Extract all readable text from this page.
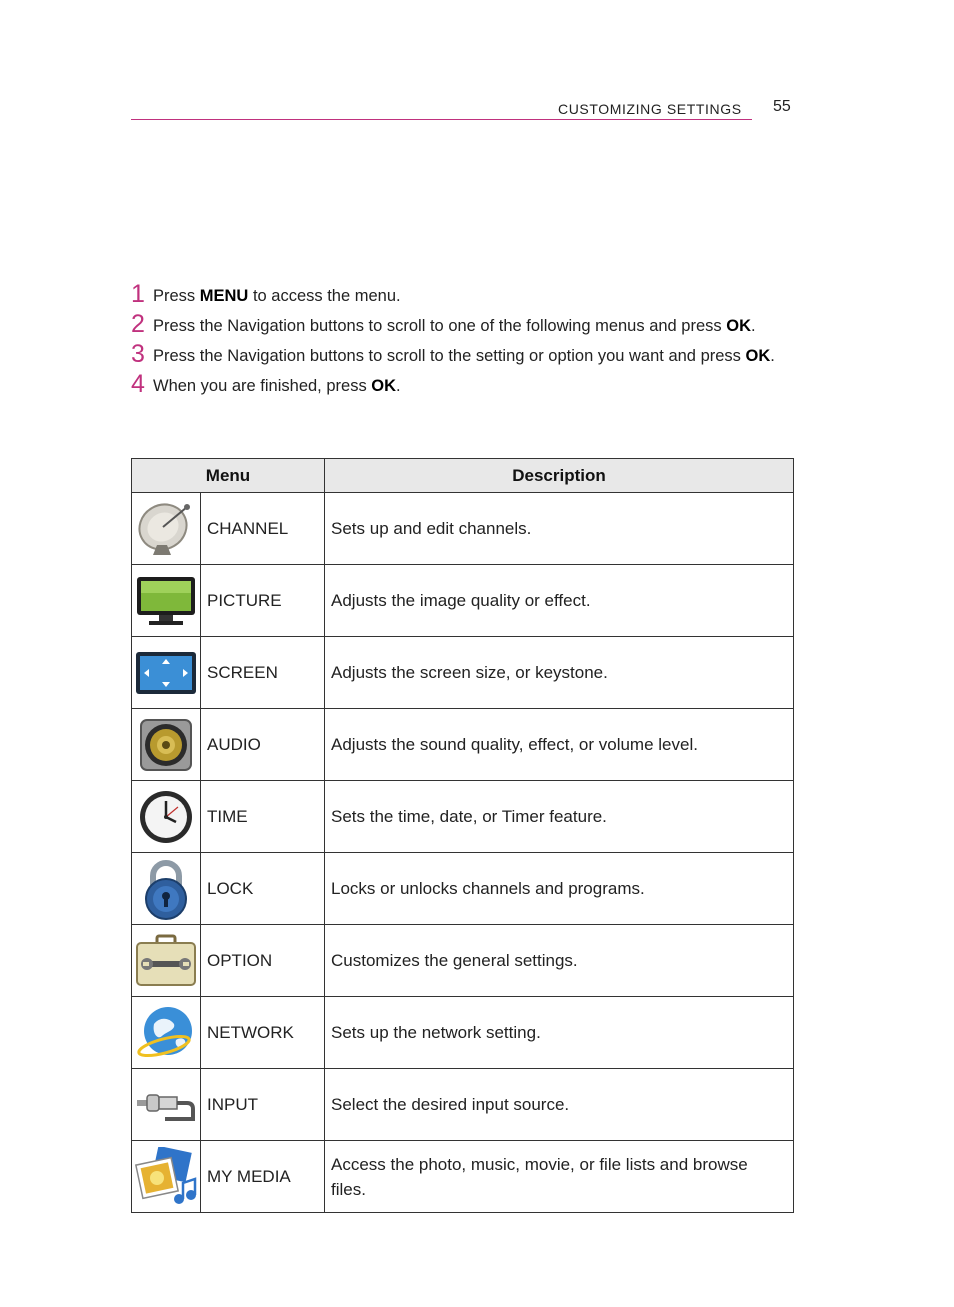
CUSTOMIZING SETTINGS 55
1 Press MENU to access the menu.
2 Press the Navigation buttons to scroll to one of the following menus and press OK.
3 Press the Navigation buttons to scroll to the setting or option you want and press OK.
4 When you are finished, press OK.
Menu		Description

	CHANNEL	Sets up and edit channels.

	PICTURE	Adjusts the image quality or effect.

	SCREEN	Adjusts the screen size, or keystone.

	AUDIO	Adjusts the sound quality, effect, or volume level.

	TIME	Sets the time, date, or Timer feature.

	LOCK	Locks or unlocks channels and programs.

	OPTION	Customizes the general settings.

	NETWORK	Sets up the network setting.

	INPUT	Select the desired input source.

	MY MEDIA	Access the photo, music, movie, or file lists and browse files.
